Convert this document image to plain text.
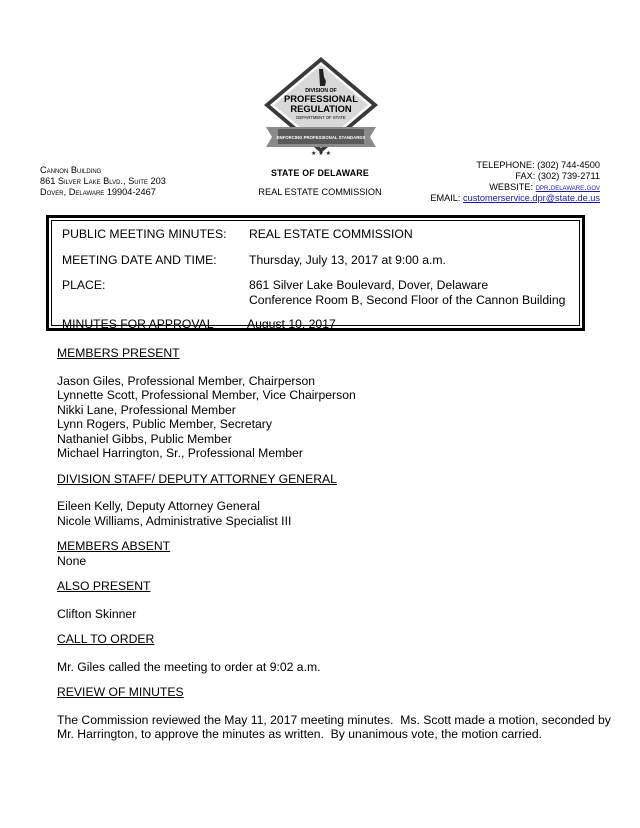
DIVISION OF
PROFESSIONAL
REGULATION
DEPARTMENT OF STATE
ENFORCING PROFESSIONAL STANDARDS
★ ★ ★
Cannon Building
861 Silver Lake Blvd., Suite 203
Dover, Delaware 19904-2467
STATE OF DELAWARE
REAL ESTATE COMMISSION
TELEPHONE: (302) 744-4500
FAX: (302) 739-2711
WEBSITE: dpr.delaware.gov
EMAIL: customerservice.dpr@state.de.us
PUBLIC MEETING MINUTES: REAL ESTATE COMMISSION
MEETING DATE AND TIME:	Thursday, July 13, 2017 at 9:00 a.m.
PLACE:	861 Silver Lake Boulevard, Dover, Delaware
Conference Room B, Second Floor of the Cannon Building
MINUTES FOR APPROVAL	August 10, 2017
MEMBERS PRESENT
Jason Giles, Professional Member, Chairperson
Lynnette Scott, Professional Member, Vice Chairperson
Nikki Lane, Professional Member
Lynn Rogers, Public Member, Secretary
Nathaniel Gibbs, Public Member
Michael Harrington, Sr., Professional Member
DIVISION STAFF/ DEPUTY ATTORNEY GENERAL
Eileen Kelly, Deputy Attorney General
Nicole Williams, Administrative Specialist III
MEMBERS ABSENT
None
ALSO PRESENT
Clifton Skinner
CALL TO ORDER
Mr. Giles called the meeting to order at 9:02 a.m.
REVIEW OF MINUTES
The Commission reviewed the May 11, 2017 meeting minutes.  Ms. Scott made a motion, seconded by
Mr. Harrington, to approve the minutes as written.  By unanimous vote, the motion carried.
